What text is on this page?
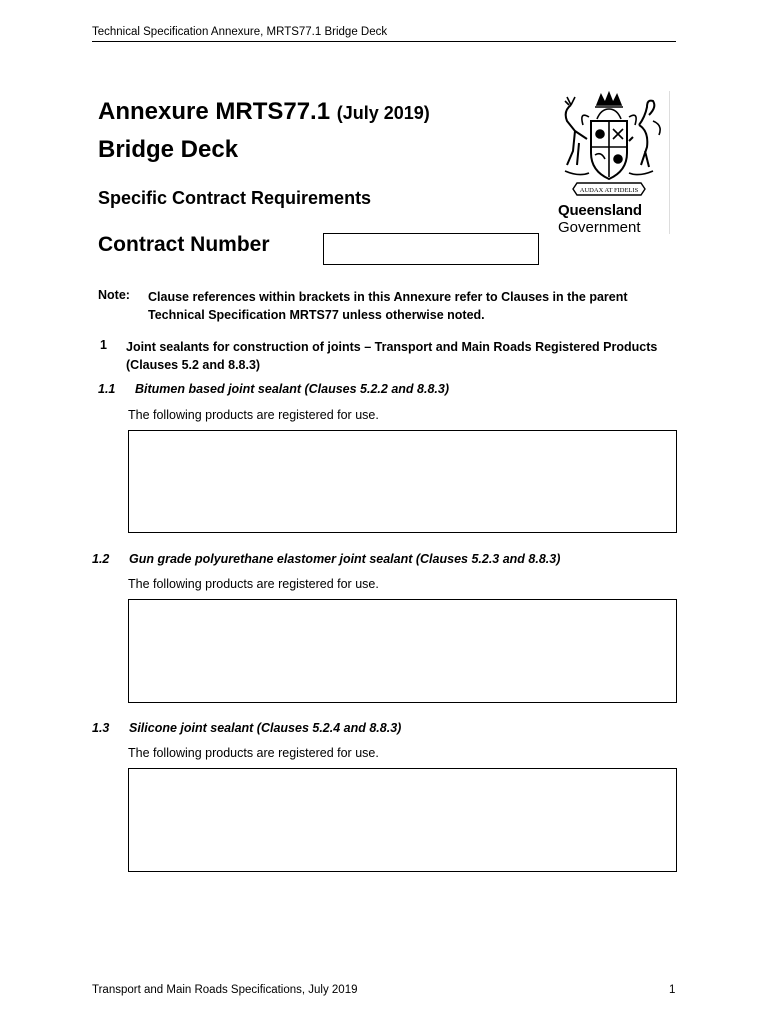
Technical Specification Annexure, MRTS77.1 Bridge Deck
Annexure MRTS77.1 (July 2019)
Bridge Deck
Specific Contract Requirements
Contract Number
AUDAX AT FIDELIS
Queensland
Government
Note: Clause references within brackets in this Annexure refer to Clauses in the parent Technical Specification MRTS77 unless otherwise noted.
1 Joint sealants for construction of joints – Transport and Main Roads Registered Products (Clauses 5.2 and 8.8.3)
1.1 Bitumen based joint sealant (Clauses 5.2.2 and 8.8.3)
The following products are registered for use.
1.2 Gun grade polyurethane elastomer joint sealant (Clauses 5.2.3 and 8.8.3)
The following products are registered for use.
1.3 Silicone joint sealant (Clauses 5.2.4 and 8.8.3)
The following products are registered for use.
Transport and Main Roads Specifications, July 2019	1
